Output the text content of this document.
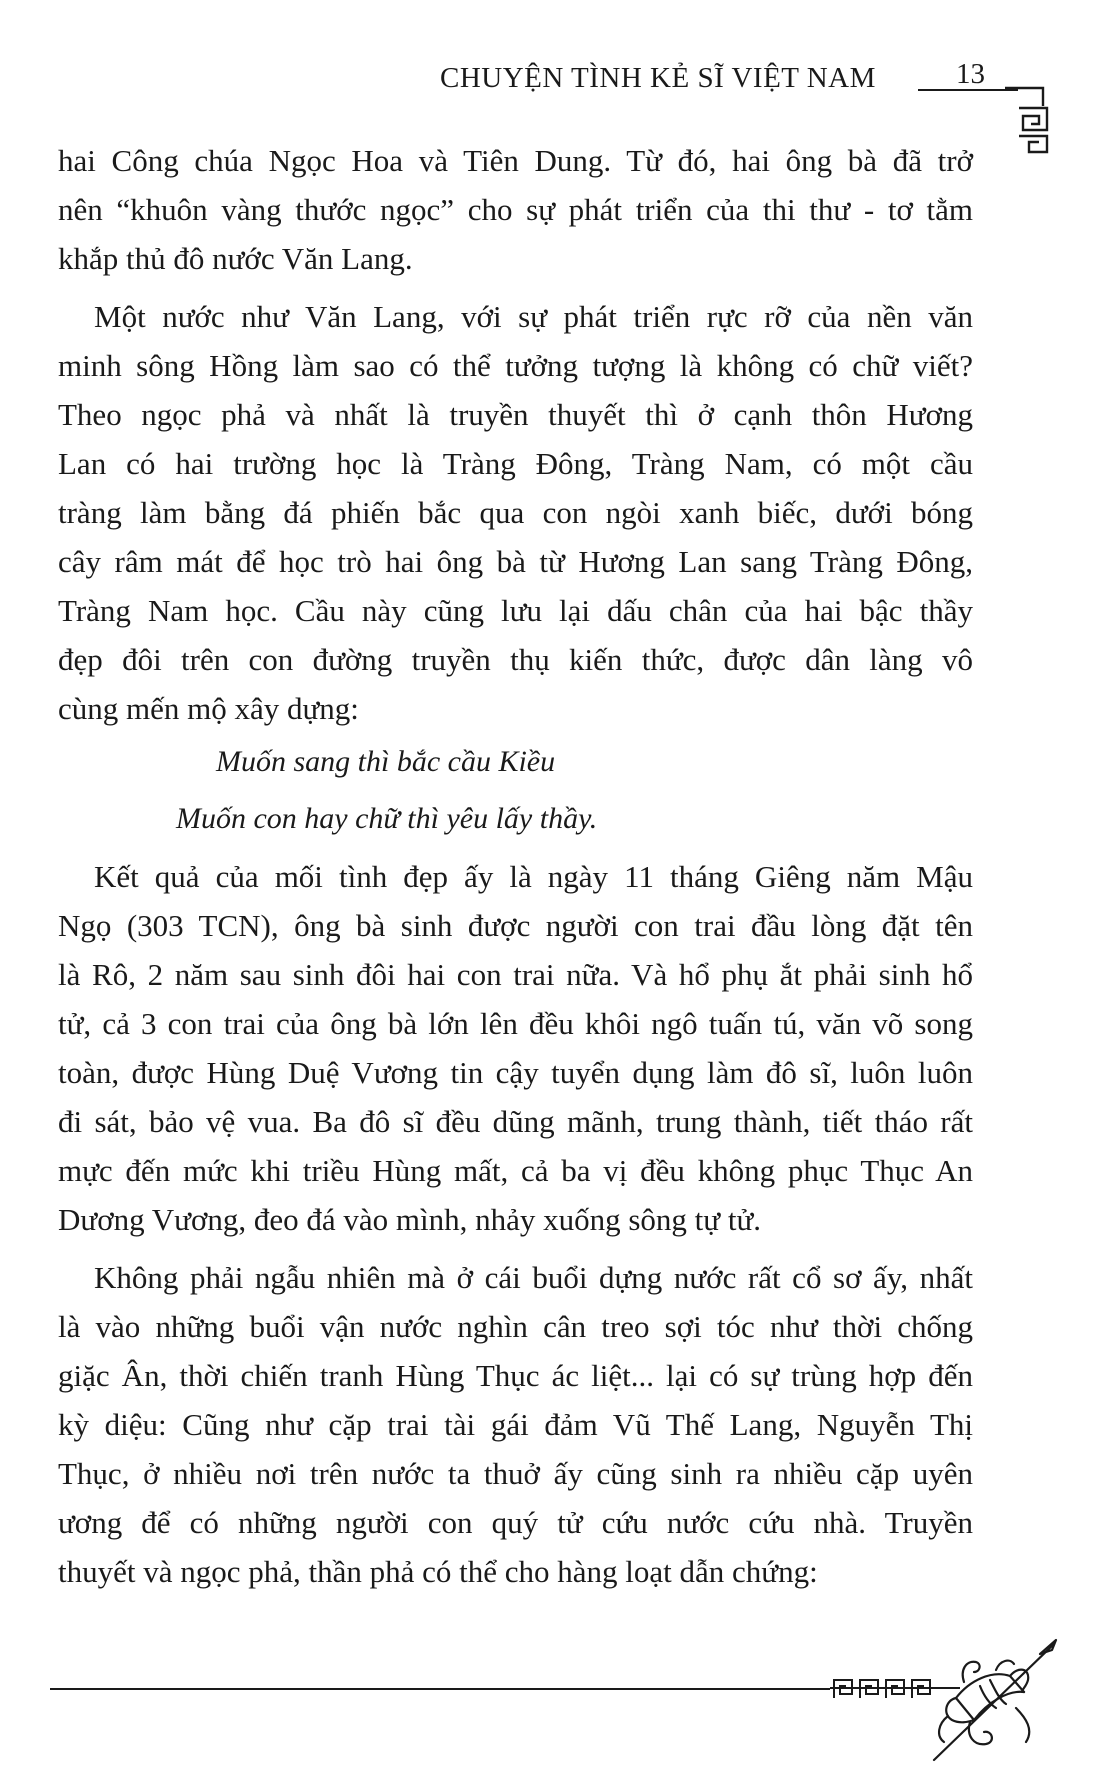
CHUYỆN TÌNH KẺ SĨ VIỆT NAM	13
hai Công chúa Ngọc Hoa và Tiên Dung. Từ đó, hai ông bà đã trở
nên “khuôn vàng thước ngọc” cho sự phát triển của thi thư - tơ tằm
khắp thủ đô nước Văn Lang.
Một nước như Văn Lang, với sự phát triển rực rỡ của nền văn
minh sông Hồng làm sao có thể tưởng tượng là không có chữ viết?
Theo ngọc phả và nhất là truyền thuyết thì ở cạnh thôn Hương
Lan có hai trường học là Tràng Đông, Tràng Nam, có một cầu
tràng làm bằng đá phiến bắc qua con ngòi xanh biếc, dưới bóng
cây râm mát để học trò hai ông bà từ Hương Lan sang Tràng Đông,
Tràng Nam học. Cầu này cũng lưu lại dấu chân của hai bậc thầy
đẹp đôi trên con đường truyền thụ kiến thức, được dân làng vô
cùng mến mộ xây dựng:
Muốn sang thì bắc cầu Kiều
Muốn con hay chữ thì yêu lấy thầy.
Kết quả của mối tình đẹp ấy là ngày 11 tháng Giêng năm Mậu
Ngọ (303 TCN), ông bà sinh được người con trai đầu lòng đặt tên
là Rô, 2 năm sau sinh đôi hai con trai nữa. Và hổ phụ ắt phải sinh hổ
tử, cả 3 con trai của ông bà lớn lên đều khôi ngô tuấn tú, văn võ song
toàn, được Hùng Duệ Vương tin cậy tuyển dụng làm đô sĩ, luôn luôn
đi sát, bảo vệ vua. Ba đô sĩ đều dũng mãnh, trung thành, tiết tháo rất
mực đến mức khi triều Hùng mất, cả ba vị đều không phục Thục An
Dương Vương, đeo đá vào mình, nhảy xuống sông tự tử.
Không phải ngẫu nhiên mà ở cái buổi dựng nước rất cổ sơ ấy, nhất
là vào những buổi vận nước nghìn cân treo sợi tóc như thời chống
giặc Ân, thời chiến tranh Hùng Thục ác liệt... lại có sự trùng hợp đến
kỳ diệu: Cũng như cặp trai tài gái đảm Vũ Thế Lang, Nguyễn Thị
Thục, ở nhiều nơi trên nước ta thuở ấy cũng sinh ra nhiều cặp uyên
ương để có những người con quý tử cứu nước cứu nhà. Truyền
thuyết và ngọc phả, thần phả có thể cho hàng loạt dẫn chứng:
